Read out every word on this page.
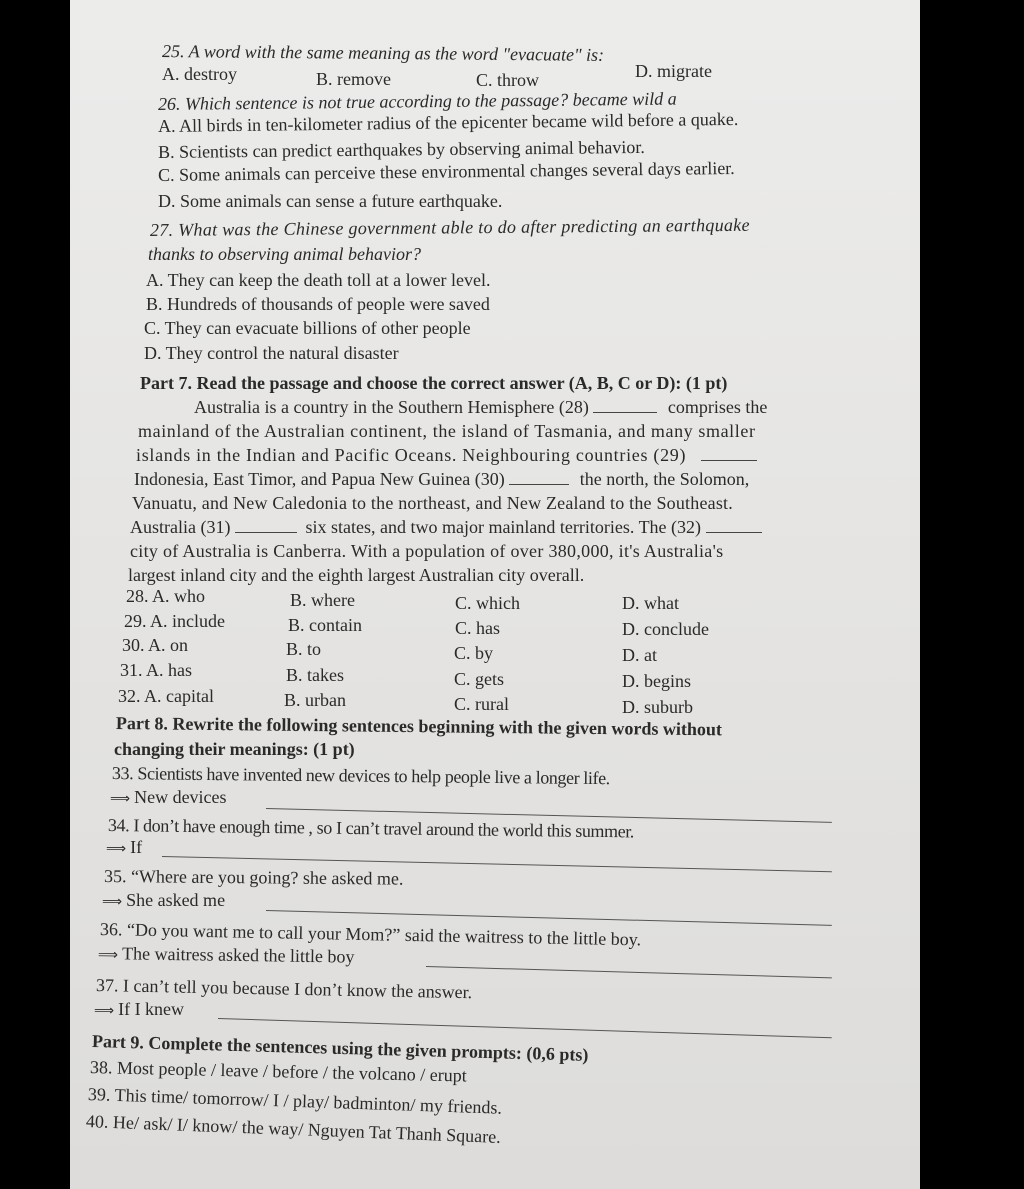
25. A word with the same meaning as the word "evacuate" is:
A. destroy	B. remove	C. throw	D. migrate
26. Which sentence is not true according to the passage? became wild a
A. All birds in ten-kilometer radius of the epicenter became wild before a quake.
B. Scientists can predict earthquakes by observing animal behavior.
C. Some animals can perceive these environmental changes several days earlier.
D. Some animals can sense a future earthquake.
27. What was the Chinese government able to do after predicting an earthquake
thanks to observing animal behavior?
A. They can keep the death toll at a lower level.
B. Hundreds of thousands of people were saved
C. They can evacuate billions of other people
D. They control the natural disaster
Part 7. Read the passage and choose the correct answer (A, B, C or D): (1 pt)
Australia is a country in the Southern Hemisphere (28)	comprises the
mainland of the Australian continent, the island of Tasmania, and many smaller
islands in the Indian and Pacific Oceans. Neighbouring countries (29)
Indonesia, East Timor, and Papua New Guinea (30)	the north, the Solomon,
Vanuatu, and New Caledonia to the northeast, and New Zealand to the Southeast.
Australia (31)	six states, and two major mainland territories. The (32)
city of Australia is Canberra. With a population of over 380,000, it's Australia's
largest inland city and the eighth largest Australian city overall.
28. A. who	B. where	C. which	D. what
29. A. include	B. contain	C. has	D. conclude
30. A. on	B. to	C. by	D. at
31. A. has	B. takes	C. gets	D. begins
32. A. capital	B. urban	C. rural	D. suburb
Part 8. Rewrite the following sentences beginning with the given words without
changing their meanings: (1 pt)
33. Scientists have invented new devices to help people live a longer life.
⟹ New devices
34. I don’t have enough time , so I can’t travel around the world this summer.
⟹ If
35. “Where are you going? she asked me.
⟹ She asked me
36. “Do you want me to call your Mom?” said the waitress to the little boy.
⟹ The waitress asked the little boy
37. I can’t tell you because I don’t know the answer.
⟹ If I knew
Part 9. Complete the sentences using the given prompts: (0,6 pts)
38. Most people / leave / before / the volcano / erupt
39. This time/ tomorrow/ I / play/ badminton/ my friends.
40. He/ ask/ I/ know/ the way/ Nguyen Tat Thanh Square.
